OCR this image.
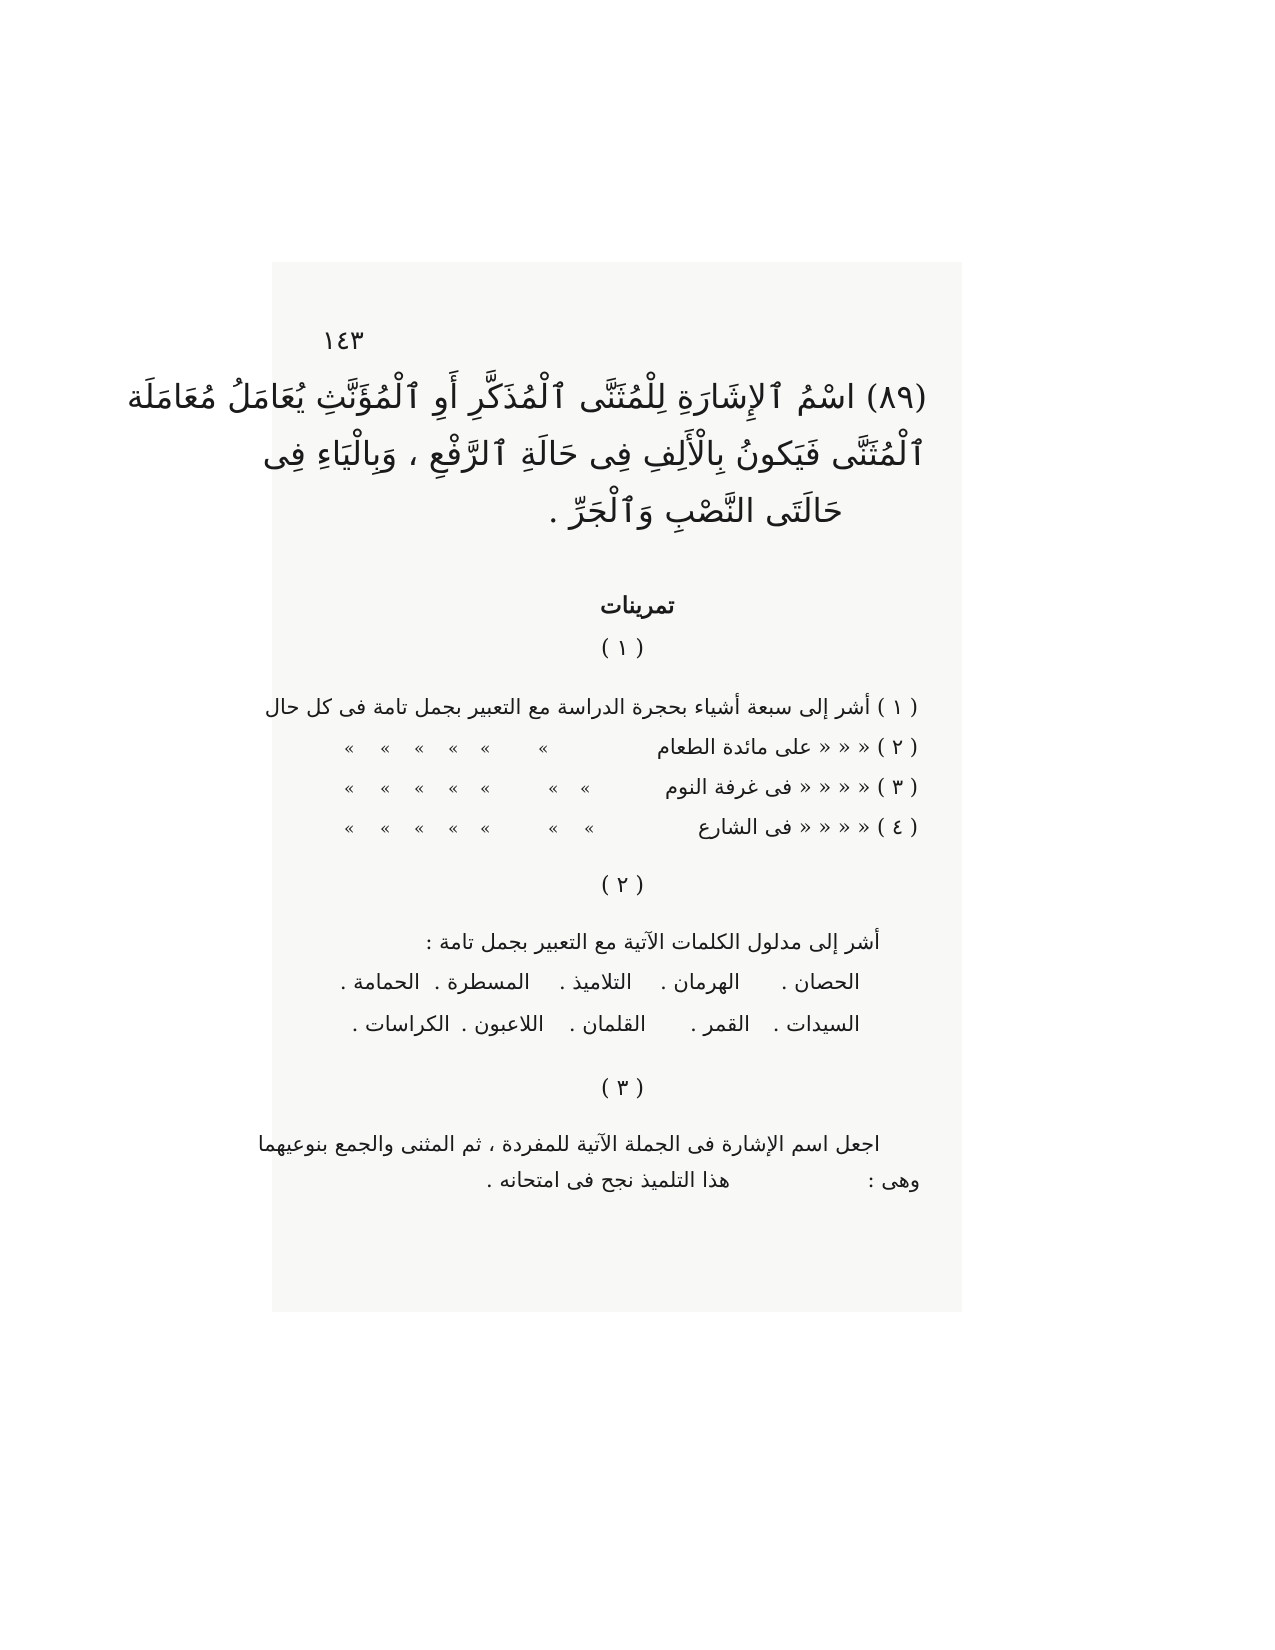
١٤٣
(٨٩) اسْمُ ٱلإِشَارَةِ لِلْمُثَنَّى ٱلْمُذَكَّرِ أَوِ ٱلْمُؤَنَّثِ يُعَامَلُ مُعَامَلَة
ٱلْمُثَنَّى فَيَكونُ بِالْأَلِفِ فِى حَالَةِ ٱلرَّفْعِ ، وَبِالْيَاءِ فِى
حَالَتَى النَّصْبِ وَٱلْجَرِّ .
تمرينات
( ١ )
( ١ ) أشر إلى سبعة أشياء بحجرة الدراسة مع التعبير بجمل تامة فى كل حال
( ٢ ) « « « على مائدة الطعام
»
»
»
»
»
»
( ٣ ) « « « « فى غرفة النوم
»
»
»
»
»
»
»
( ٤ ) « « « « فى الشارع
»
»
»
»
»
»
»
( ٢ )
أشر إلى مدلول الكلمات الآتية مع التعبير بجمل تامة :
الحصان .
الهرمان .
التلاميذ .
المسطرة .
الحمامة .
السيدات .
القمر .
القلمان .
اللاعبون .
الكراسات .
( ٣ )
اجعل اسم الإشارة فى الجملة الآتية للمفردة ، ثم المثنى والجمع بنوعيهما
وهى :
هذا التلميذ نجح فى امتحانه .
